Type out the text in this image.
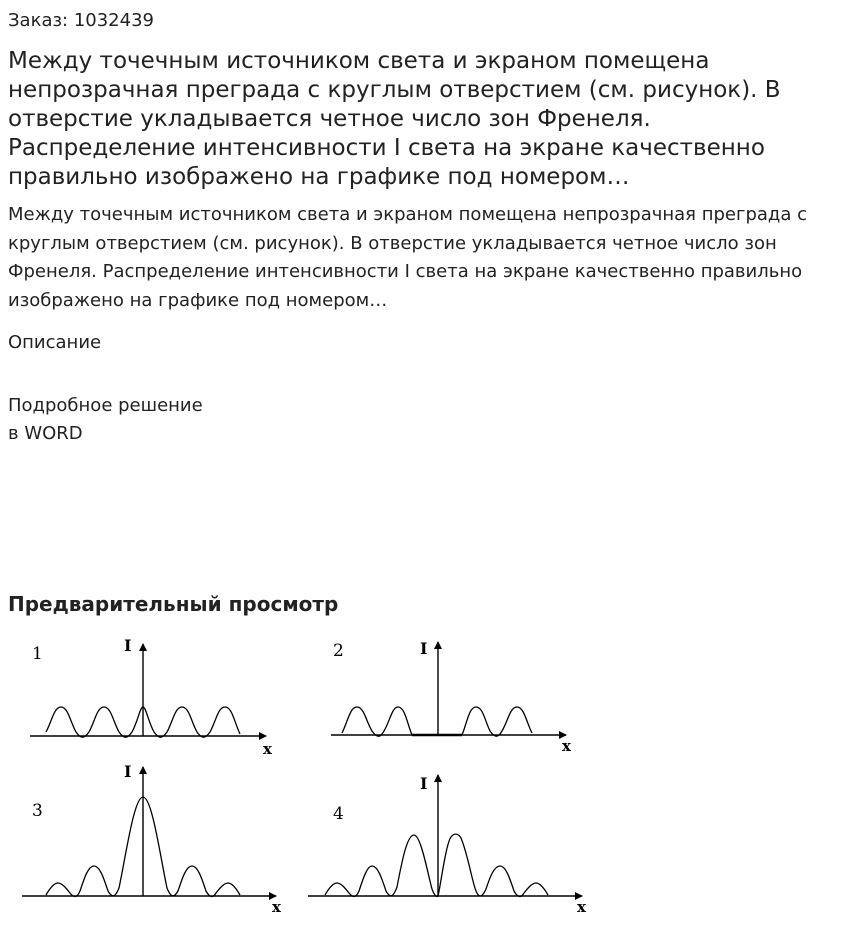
Заказ: 1032439
Между точечным источником света и экраном помещена непрозрачная преграда с круглым отверстием (см. рисунок). В отверстие укладывается четное число зон Френеля. Распределение интенсивности I света на экране качественно правильно изображено на графике под номером…

Между точечным источником света и экраном помещена непрозрачная преграда с круглым отверстием (см. рисунок). В отверстие укладывается четное число зон Френеля. Распределение интенсивности I света на экране качественно правильно изображено на графике под номером…

Описание
Подробное решение
в WORD
Предварительный просмотр
1	I
x
2	I
x
3
I
x
4
I
x
